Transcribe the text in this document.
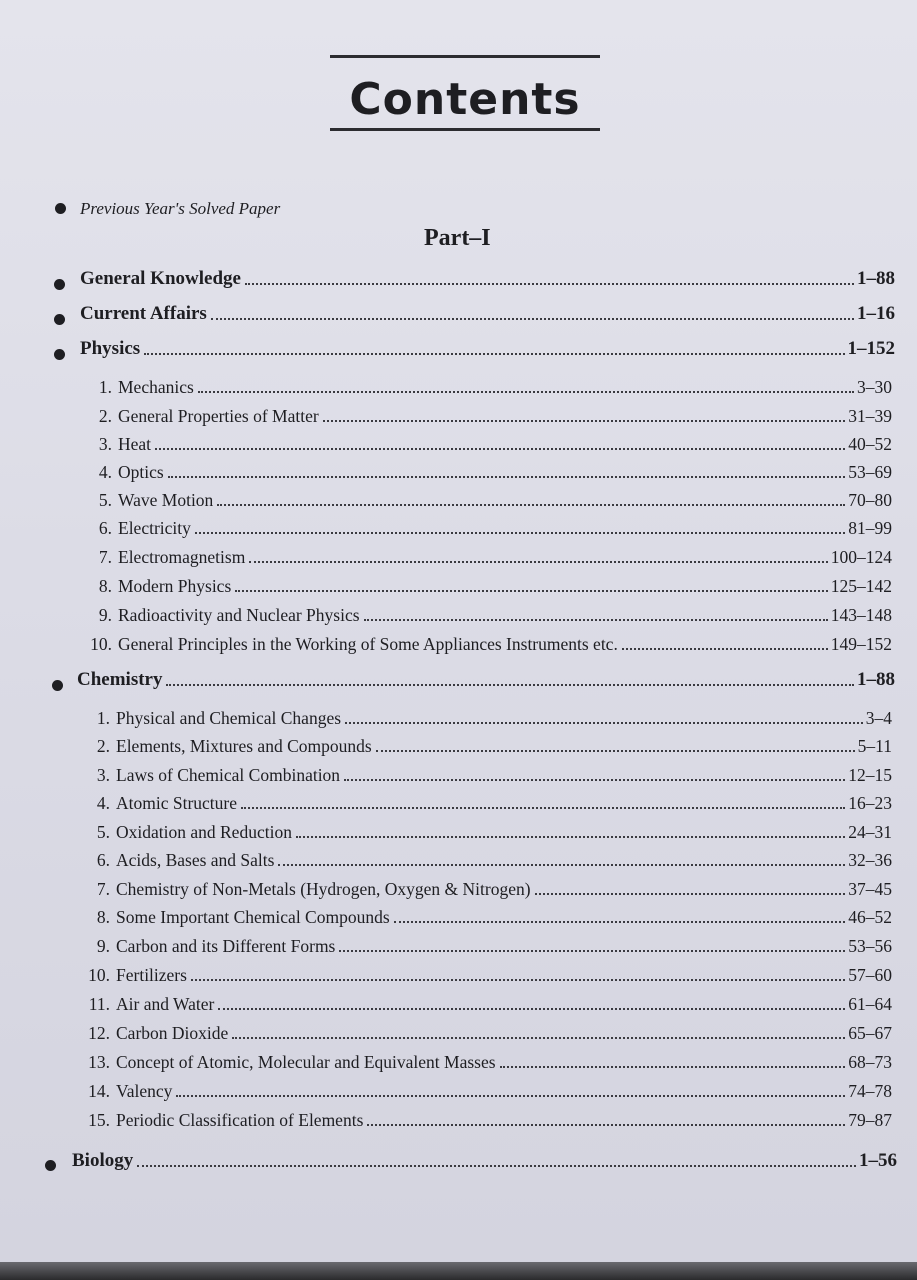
Contents
Previous Year's Solved Paper
Part–I
General Knowledge	1–88
Current Affairs	1–16
Physics	1–152
1. Mechanics	3–30
2. General Properties of Matter	31–39
3. Heat	40–52
4. Optics	53–69
5. Wave Motion	70–80
6. Electricity	81–99
7. Electromagnetism	100–124
8. Modern Physics	125–142
9. Radioactivity and Nuclear Physics	143–148
10. General Principles in the Working of Some Appliances Instruments etc.	149–152
Chemistry	1–88
1. Physical and Chemical Changes	3–4
2. Elements, Mixtures and Compounds	5–11
3. Laws of Chemical Combination	12–15
4. Atomic Structure	16–23
5. Oxidation and Reduction	24–31
6. Acids, Bases and Salts	32–36
7. Chemistry of Non-Metals (Hydrogen, Oxygen & Nitrogen)	37–45
8. Some Important Chemical Compounds	46–52
9. Carbon and its Different Forms	53–56
10. Fertilizers	57–60
11. Air and Water	61–64
12. Carbon Dioxide	65–67
13. Concept of Atomic, Molecular and Equivalent Masses	68–73
14. Valency	74–78
15. Periodic Classification of Elements	79–87
Biology	1–56
